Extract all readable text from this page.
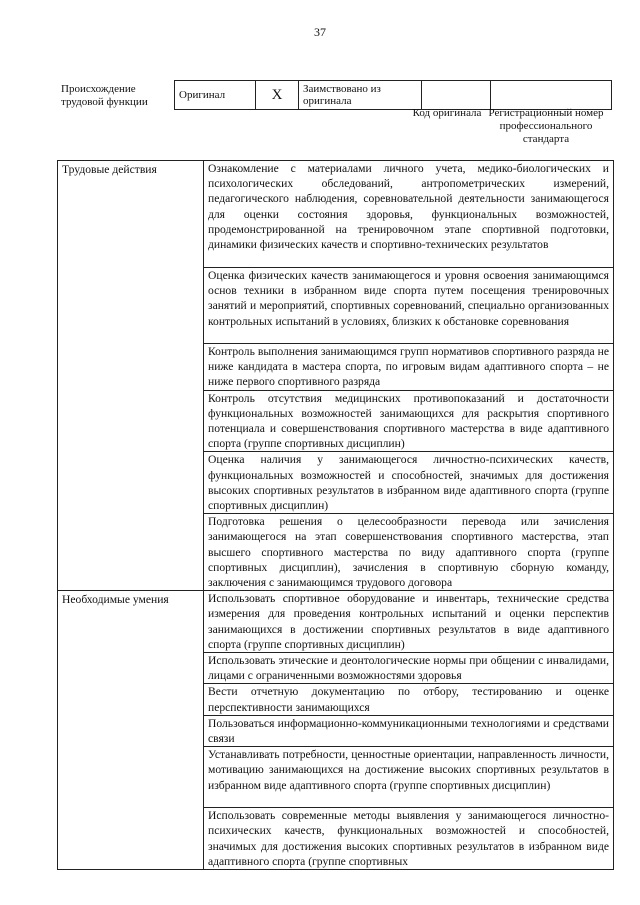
37
Происхождение трудовой функции
Оригинал	X	Заимствовано из оригинала		
Код оригинала Регистрационный номер профессионального стандарта
Трудовые действия	Ознакомление с материалами личного учета, медико-биологических и психологических обследований, антропометрических измерений, педагогического наблюдения, соревновательной деятельности занимающегося для оценки состояния здоровья, функциональных возможностей, продемонстрированной на тренировочном этапе спортивной подготовки, динамики физических качеств и спортивно-технических результатов
	Оценка физических качеств занимающегося и уровня освоения занимающимся основ техники в избранном виде спорта путем посещения тренировочных занятий и мероприятий, спортивных соревнований, специально организованных контрольных испытаний в условиях, близких к обстановке соревнования
	Контроль выполнения занимающимся групп нормативов спортивного разряда не ниже кандидата в мастера спорта, по игровым видам адаптивного спорта – не ниже первого спортивного разряда
	Контроль отсутствия медицинских противопоказаний и достаточности функциональных возможностей занимающихся для раскрытия спортивного потенциала и совершенствования спортивного мастерства в виде адаптивного спорта (группе спортивных дисциплин)
	Оценка наличия у занимающегося личностно-психических качеств, функциональных возможностей и способностей, значимых для достижения высоких спортивных результатов в избранном виде адаптивного спорта (группе спортивных дисциплин)
	Подготовка решения о целесообразности перевода или зачисления занимающегося на этап совершенствования спортивного мастерства, этап высшего спортивного мастерства по виду адаптивного спорта (группе спортивных дисциплин), зачисления в спортивную сборную команду, заключения с занимающимся трудового договора
Необходимые умения	Использовать спортивное оборудование и инвентарь, технические средства измерения для проведения контрольных испытаний и оценки перспектив занимающихся в достижении спортивных результатов в виде адаптивного спорта (группе спортивных дисциплин)
	Использовать этические и деонтологические нормы при общении с инвалидами, лицами с ограниченными возможностями здоровья
	Вести отчетную документацию по отбору, тестированию и оценке перспективности занимающихся
	Пользоваться информационно-коммуникационными технологиями и средствами связи
	Устанавливать потребности, ценностные ориентации, направленность личности, мотивацию занимающихся на достижение высоких спортивных результатов в избранном виде адаптивного спорта (группе спортивных дисциплин)
	Использовать современные методы выявления у занимающегося личностно-психических качеств, функциональных возможностей и способностей, значимых для достижения высоких спортивных результатов в избранном виде адаптивного спорта (группе спортивных
